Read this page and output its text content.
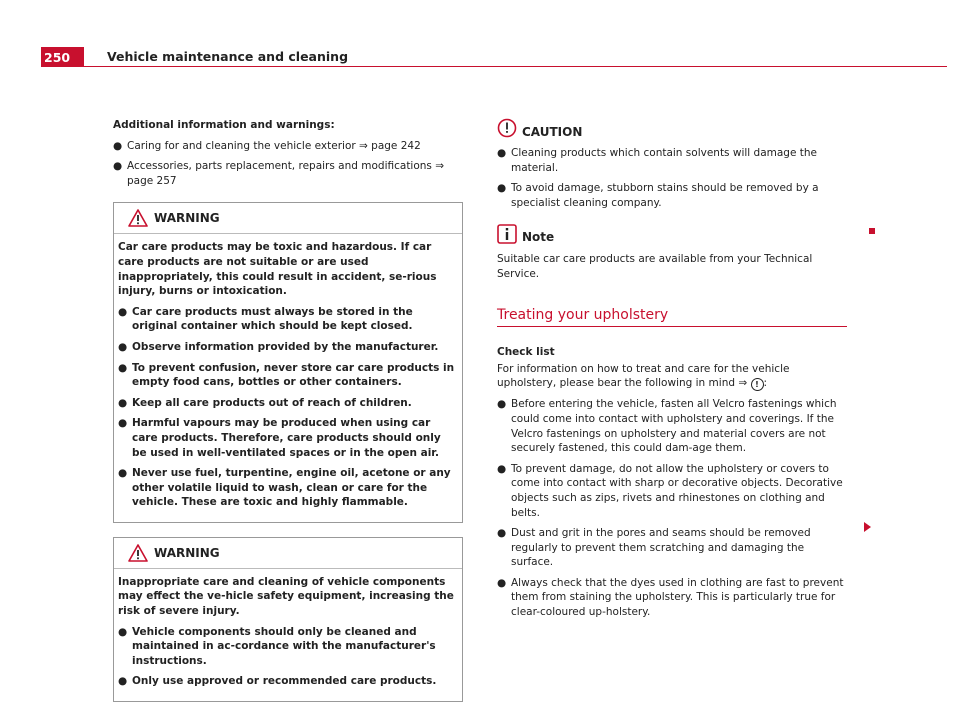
250	Vehicle maintenance and cleaning

Additional information and warnings:

● Caring for and cleaning the vehicle exterior ⇒ page 242

● Accessories, parts replacement, repairs and modifications ⇒ page 257

WARNING

Car care products may be toxic and hazardous. If car care products are not suitable or are used inappropriately, this could result in accident, se-rious injury, burns or intoxication.

● Car care products must always be stored in the original container which should be kept closed.

● Observe information provided by the manufacturer.

● To prevent confusion, never store car care products in empty food cans, bottles or other containers.

● Keep all care products out of reach of children.

● Harmful vapours may be produced when using car care products. Therefore, care products should only be used in well-ventilated spaces or in the open air.

● Never use fuel, turpentine, engine oil, acetone or any other volatile liquid to wash, clean or care for the vehicle. These are toxic and highly flammable.

WARNING

Inappropriate care and cleaning of vehicle components may effect the ve-hicle safety equipment, increasing the risk of severe injury.

● Vehicle components should only be cleaned and maintained in ac-cordance with the manufacturer's instructions.

● Only use approved or recommended care products.

CAUTION

● Cleaning products which contain solvents will damage the material.

● To avoid damage, stubborn stains should be removed by a specialist cleaning company.

Note

Suitable car care products are available from your Technical Service.

Treating your upholstery

Check list

For information on how to treat and care for the vehicle upholstery, please bear the following in mind ⇒ ! :

● Before entering the vehicle, fasten all Velcro fastenings which could come into contact with upholstery and coverings. If the Velcro fastenings on upholstery and material covers are not securely fastened, this could dam-age them.

● To prevent damage, do not allow the upholstery or covers to come into contact with sharp or decorative objects. Decorative objects such as zips, rivets and rhinestones on clothing and belts.

● Dust and grit in the pores and seams should be removed regularly to prevent them scratching and damaging the surface.

● Always check that the dyes used in clothing are fast to prevent them from staining the upholstery. This is particularly true for clear-coloured up-holstery.
